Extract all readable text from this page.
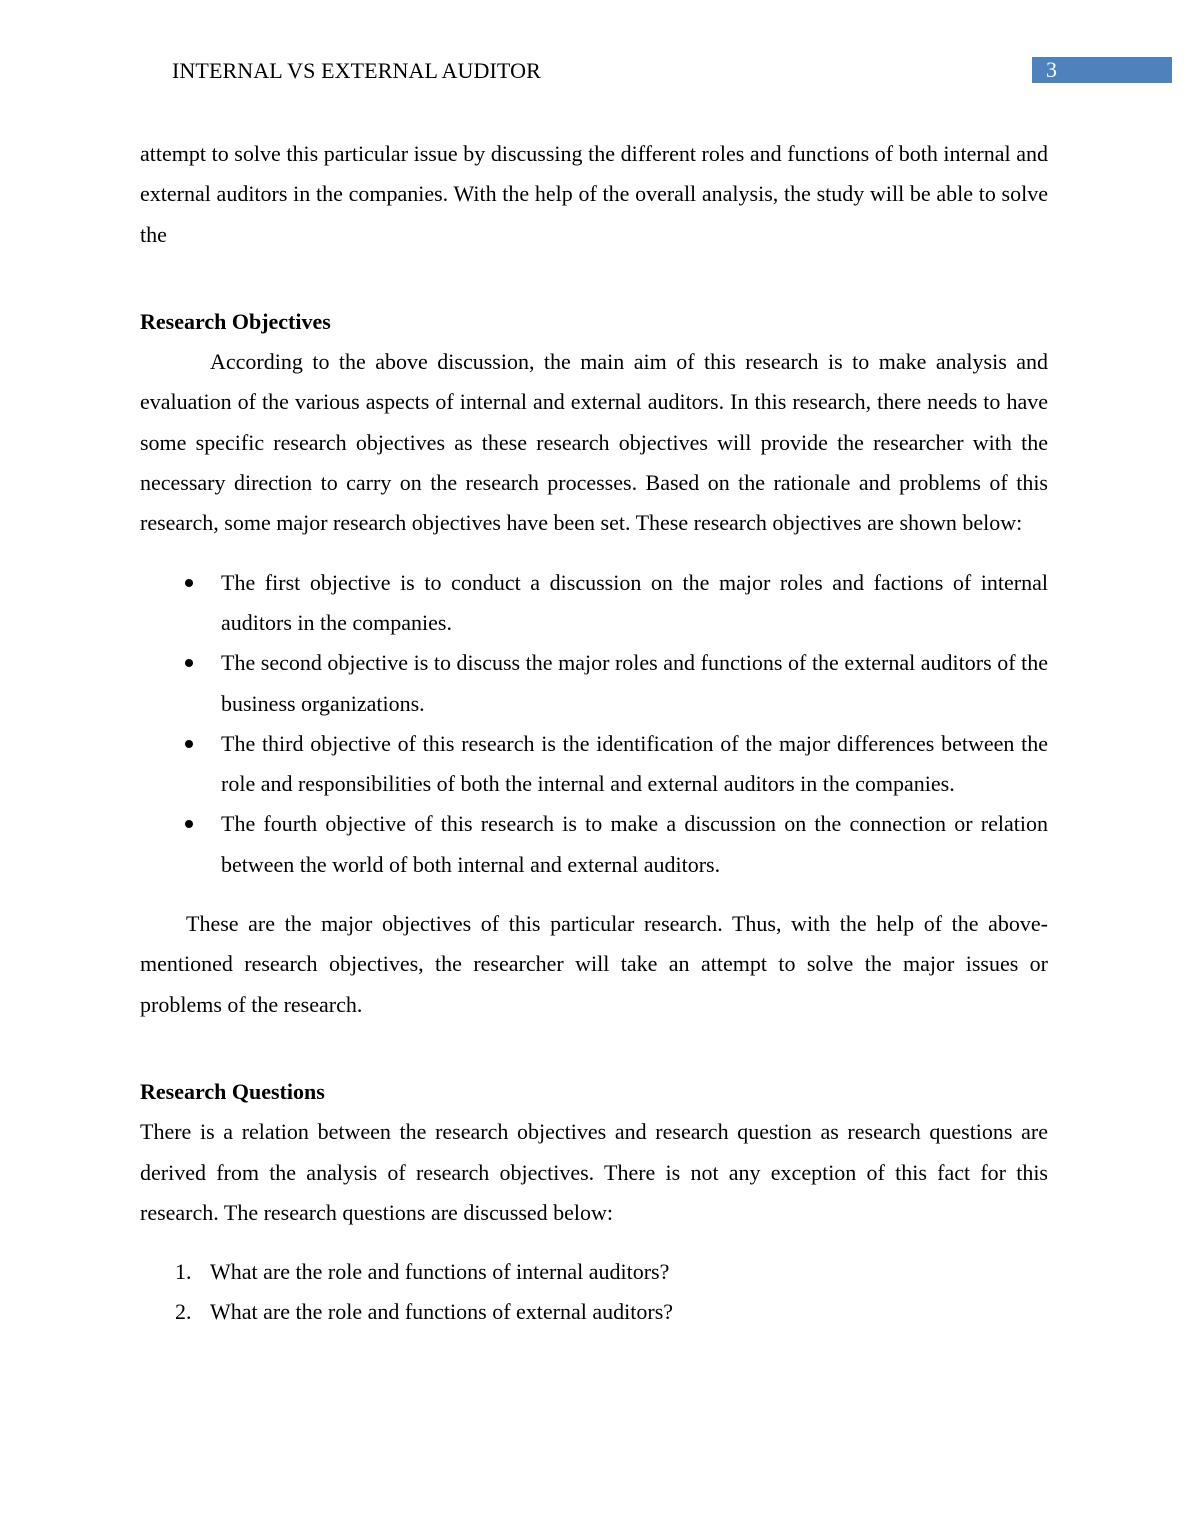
INTERNAL VS EXTERNAL AUDITOR	3

attempt to solve this particular issue by discussing the different roles and functions of both internal and external auditors in the companies. With the help of the overall analysis, the study will be able to solve the

Research Objectives

According to the above discussion, the main aim of this research is to make analysis and evaluation of the various aspects of internal and external auditors. In this research, there needs to have some specific research objectives as these research objectives will provide the researcher with the necessary direction to carry on the research processes. Based on the rationale and problems of this research, some major research objectives have been set. These research objectives are shown below:

The first objective is to conduct a discussion on the major roles and factions of internal auditors in the companies.
The second objective is to discuss the major roles and functions of the external auditors of the business organizations.
The third objective of this research is the identification of the major differences between the role and responsibilities of both the internal and external auditors in the companies.
The fourth objective of this research is to make a discussion on the connection or relation between the world of both internal and external auditors.

These are the major objectives of this particular research. Thus, with the help of the above-mentioned research objectives, the researcher will take an attempt to solve the major issues or problems of the research.

Research Questions

There is a relation between the research objectives and research question as research questions are derived from the analysis of research objectives. There is not any exception of this fact for this research. The research questions are discussed below:

1. What are the role and functions of internal auditors?
2. What are the role and functions of external auditors?
